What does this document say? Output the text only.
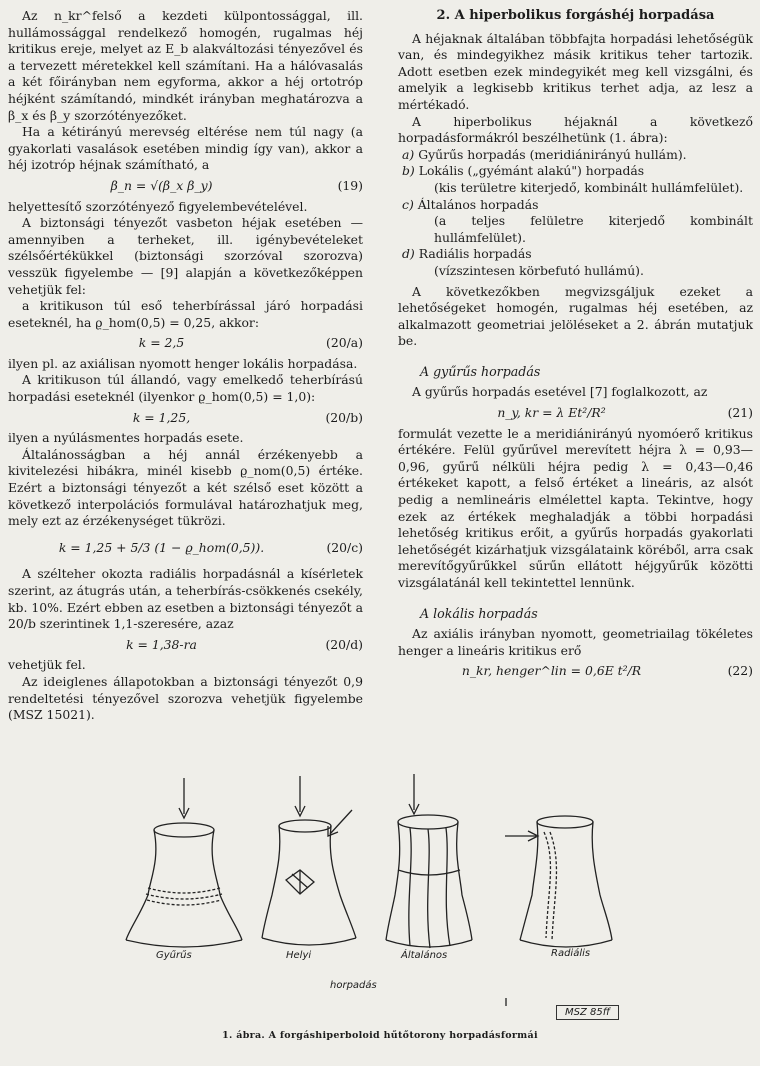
Az n_kr^felső a kezdeti külpontossággal, ill. hullámossággal rendelkező homogén, rugalmas héj kritikus ereje, melyet az E_b alakváltozási tényezővel és a tervezett méretekkel kell számítani. Ha a hálóvasalás a két főirányban nem egyforma, akkor a héj ortotróp héjként számítandó, mindkét irányban meghatározva a β_x és β_y szorzótényezőket.

Ha a kétirányú merevség eltérése nem túl nagy (a gyakorlati vasalások esetében mindig így van), akkor a héj izotróp héjnak számítható, a

β_n = √(β_x β_y)	(19)

helyettesítő szorzótényező figyelembevételével.

A biztonsági tényezőt vasbeton héjak esetében — amennyiben a terheket, ill. igénybevételeket szélsőértékükkel (biztonsági szorzóval szorozva) vesszük figyelembe — [9] alapján a következőképpen vehetjük fel:

a kritikuson túl eső teherbírással járó horpadási eseteknél, ha ϱ_hom(0,5) = 0,25, akkor:

k = 2,5	(20/a)

ilyen pl. az axiálisan nyomott henger lokális horpadása.

A kritikuson túl állandó, vagy emelkedő teherbírású horpadási eseteknél (ilyenkor ϱ_hom(0,5) = 1,0):

k = 1,25,	(20/b)

ilyen a nyúlásmentes horpadás esete.

Általánosságban a héj annál érzékenyebb a kivitelezési hibákra, minél kisebb ϱ_nom(0,5) értéke. Ezért a biztonsági tényezőt a két szélső eset között a következő interpolációs formulával határozhatjuk meg, mely ezt az érzékenységet tükrözi.

k = 1,25 + 5/3 (1 − ϱ_hom(0,5)).	(20/c)

A szélteher okozta radiális horpadásnál a kísérletek szerint, az átugrás után, a teherbírás-csökkenés csekély, kb. 10%. Ezért ebben az esetben a biztonsági tényezőt a 20/b szerintinek 1,1-szeresére, azaz

k = 1,38-ra	(20/d)

vehetjük fel.

Az ideiglenes állapotokban a biztonsági tényezőt 0,9 rendeltetési tényezővel szorozva vehetjük figyelembe (MSZ 15021).

2. A hiperbolikus forgáshéj horpadása

A héjaknak általában többfajta horpadási lehetőségük van, és mindegyikhez másik kritikus teher tartozik. Adott esetben ezek mindegyikét meg kell vizsgálni, és amelyik a legkisebb kritikus terhet adja, az lesz a mértékadó.

A hiperbolikus héjaknál a következő horpadásformákról beszélhetünk (1. ábra):

a) Gyűrűs horpadás (meridiánirányú hullám).
b) Lokális („gyémánt alakú") horpadás
(kis területre kiterjedő, kombinált hullámfelület).
c) Általános horpadás
(a teljes felületre kiterjedő kombinált hullámfelület).
d) Radiális horpadás
(vízszintesen körbefutó hullámú).

A következőkben megvizsgáljuk ezeket a lehetőségeket homogén, rugalmas héj esetében, az alkalmazott geometriai jelöléseket a 2. ábrán mutatjuk be.

A gyűrűs horpadás

A gyűrűs horpadás esetével [7] foglalkozott, az

n_y, kr = λ Et²/R²	(21)

formulát vezette le a meridiánirányú nyomóerő kritikus értékére. Felül gyűrűvel merevített héjra λ = 0,93—0,96, gyűrű nélküli héjra pedig λ = 0,43—0,46 értékeket kapott, a felső értéket a lineáris, az alsót pedig a nemlineáris elmélettel kapta. Tekintve, hogy ezek az értékek meghaladják a többi horpadási lehetőség kritikus erőit, a gyűrűs horpadás gyakorlati lehetőségét kizárhatjuk vizsgálataink köréből, arra csak merevítőgyűrűkkel sűrűn ellátott héjgyűrűk közötti vizsgálatánál kell tekintettel lennünk.

A lokális horpadás

Az axiális irányban nyomott, geometriailag tökéletes henger a lineáris kritikus erő

n_kr, henger^lin = 0,6E t²/R	(22)
Gyűrűs	Helyi	Általános	Radiális
horpadás
MSZ 85ff
1. ábra. A forgáshiperboloid hűtőtorony horpadásformái
